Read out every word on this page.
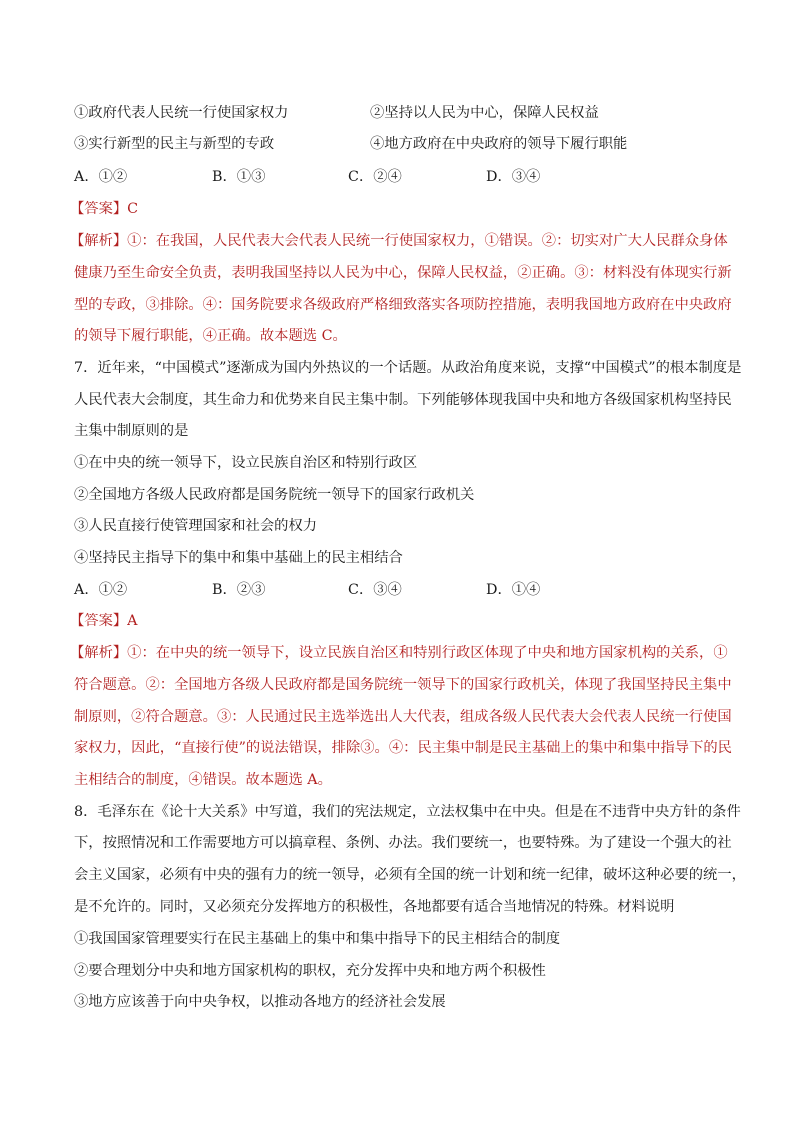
①政府代表人民统一行使国家权力	②坚持以人民为中心，保障人民权益
③实行新型的民主与新型的专政	④地方政府在中央政府的领导下履行职能
A．①②	B．①③	C．②④	D．③④
【答案】C
【解析】①：在我国，人民代表大会代表人民统一行使国家权力，①错误。②：切实对广大人民群众身体
健康乃至生命安全负责，表明我国坚持以人民为中心，保障人民权益，②正确。③：材料没有体现实行新
型的专政，③排除。④：国务院要求各级政府严格细致落实各项防控措施，表明我国地方政府在中央政府
的领导下履行职能，④正确。故本题选 C。
7．近年来，“中国模式”逐渐成为国内外热议的一个话题。从政治角度来说，支撑“中国模式”的根本制度是
人民代表大会制度，其生命力和优势来自民主集中制。下列能够体现我国中央和地方各级国家机构坚持民
主集中制原则的是
①在中央的统一领导下，设立民族自治区和特别行政区
②全国地方各级人民政府都是国务院统一领导下的国家行政机关
③人民直接行使管理国家和社会的权力
④坚持民主指导下的集中和集中基础上的民主相结合
A．①②	B．②③	C．③④	D．①④
【答案】A
【解析】①：在中央的统一领导下，设立民族自治区和特别行政区体现了中央和地方国家机构的关系，①
符合题意。②：全国地方各级人民政府都是国务院统一领导下的国家行政机关，体现了我国坚持民主集中
制原则，②符合题意。③：人民通过民主选举选出人大代表，组成各级人民代表大会代表人民统一行使国
家权力，因此，“直接行使”的说法错误，排除③。④：民主集中制是民主基础上的集中和集中指导下的民
主相结合的制度，④错误。故本题选 A。
8．毛泽东在《论十大关系》中写道，我们的宪法规定，立法权集中在中央。但是在不违背中央方针的条件
下，按照情况和工作需要地方可以搞章程、条例、办法。我们要统一，也要特殊。为了建设一个强大的社
会主义国家，必须有中央的强有力的统一领导，必须有全国的统一计划和统一纪律，破坏这种必要的统一，
是不允许的。同时，又必须充分发挥地方的积极性，各地都要有适合当地情况的特殊。材料说明
①我国国家管理要实行在民主基础上的集中和集中指导下的民主相结合的制度
②要合理划分中央和地方国家机构的职权，充分发挥中央和地方两个积极性
③地方应该善于向中央争权，以推动各地方的经济社会发展
